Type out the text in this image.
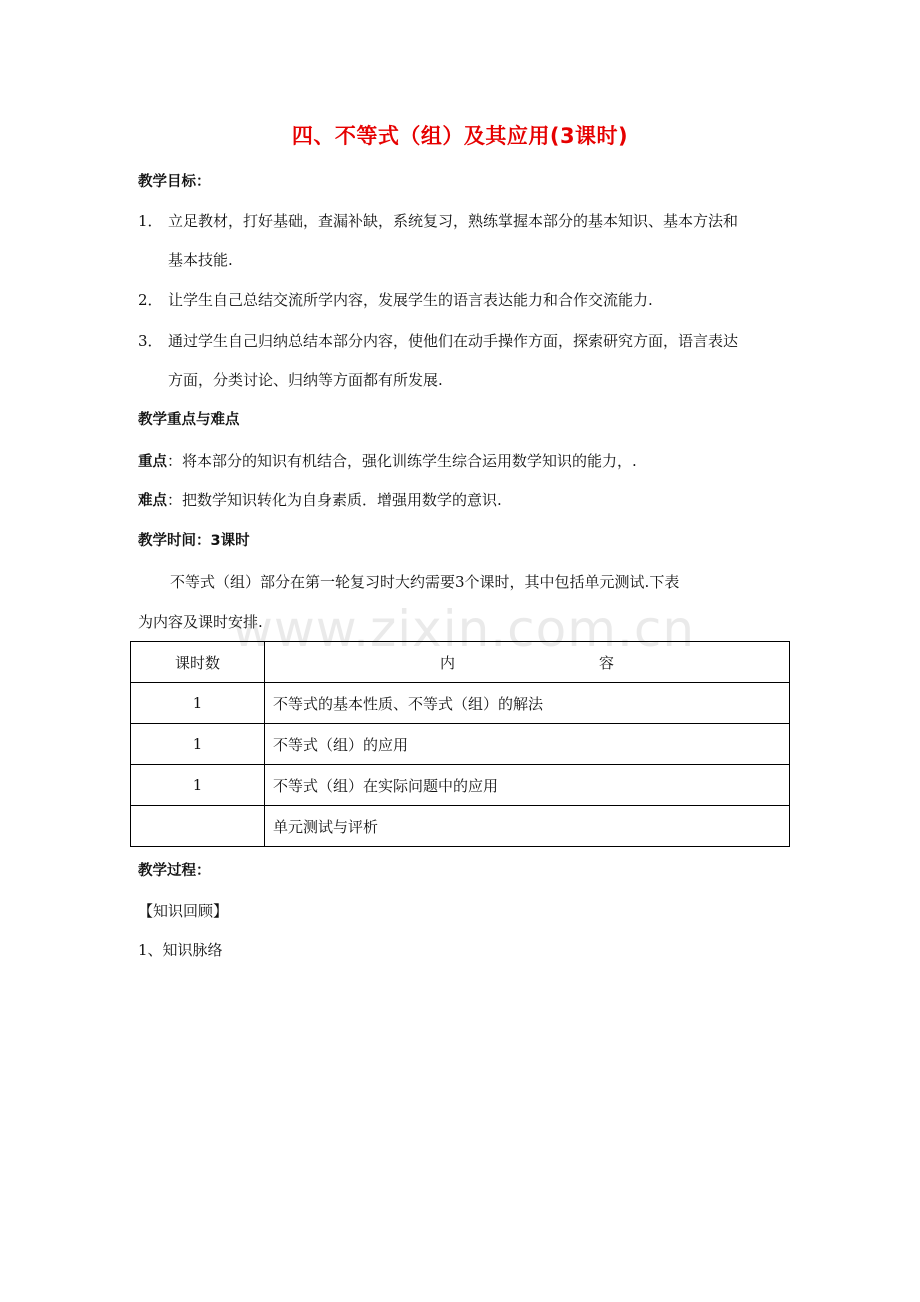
四、不等式（组）及其应用(3课时)
教学目标：
1． 立足教材，打好基础，查漏补缺，系统复习，熟练掌握本部分的基本知识、基本方法和
基本技能.
2． 让学生自己总结交流所学内容，发展学生的语言表达能力和合作交流能力.
3． 通过学生自己归纳总结本部分内容，使他们在动手操作方面，探索研究方面，语言表达
方面，分类讨论、归纳等方面都有所发展.
教学重点与难点
重点：将本部分的知识有机结合，强化训练学生综合运用数学知识的能力，.
难点：把数学知识转化为自身素质．增强用数学的意识.
教学时间：3课时
不等式（组）部分在第一轮复习时大约需要3个课时，其中包括单元测试.下表
为内容及课时安排.
www.zixin.com.cn
课时数	内 容
1	不等式的基本性质、不等式（组）的解法
1	不等式（组）的应用
1	不等式（组）在实际问题中的应用
	单元测试与评析
教学过程：
【知识回顾】
1、知识脉络
